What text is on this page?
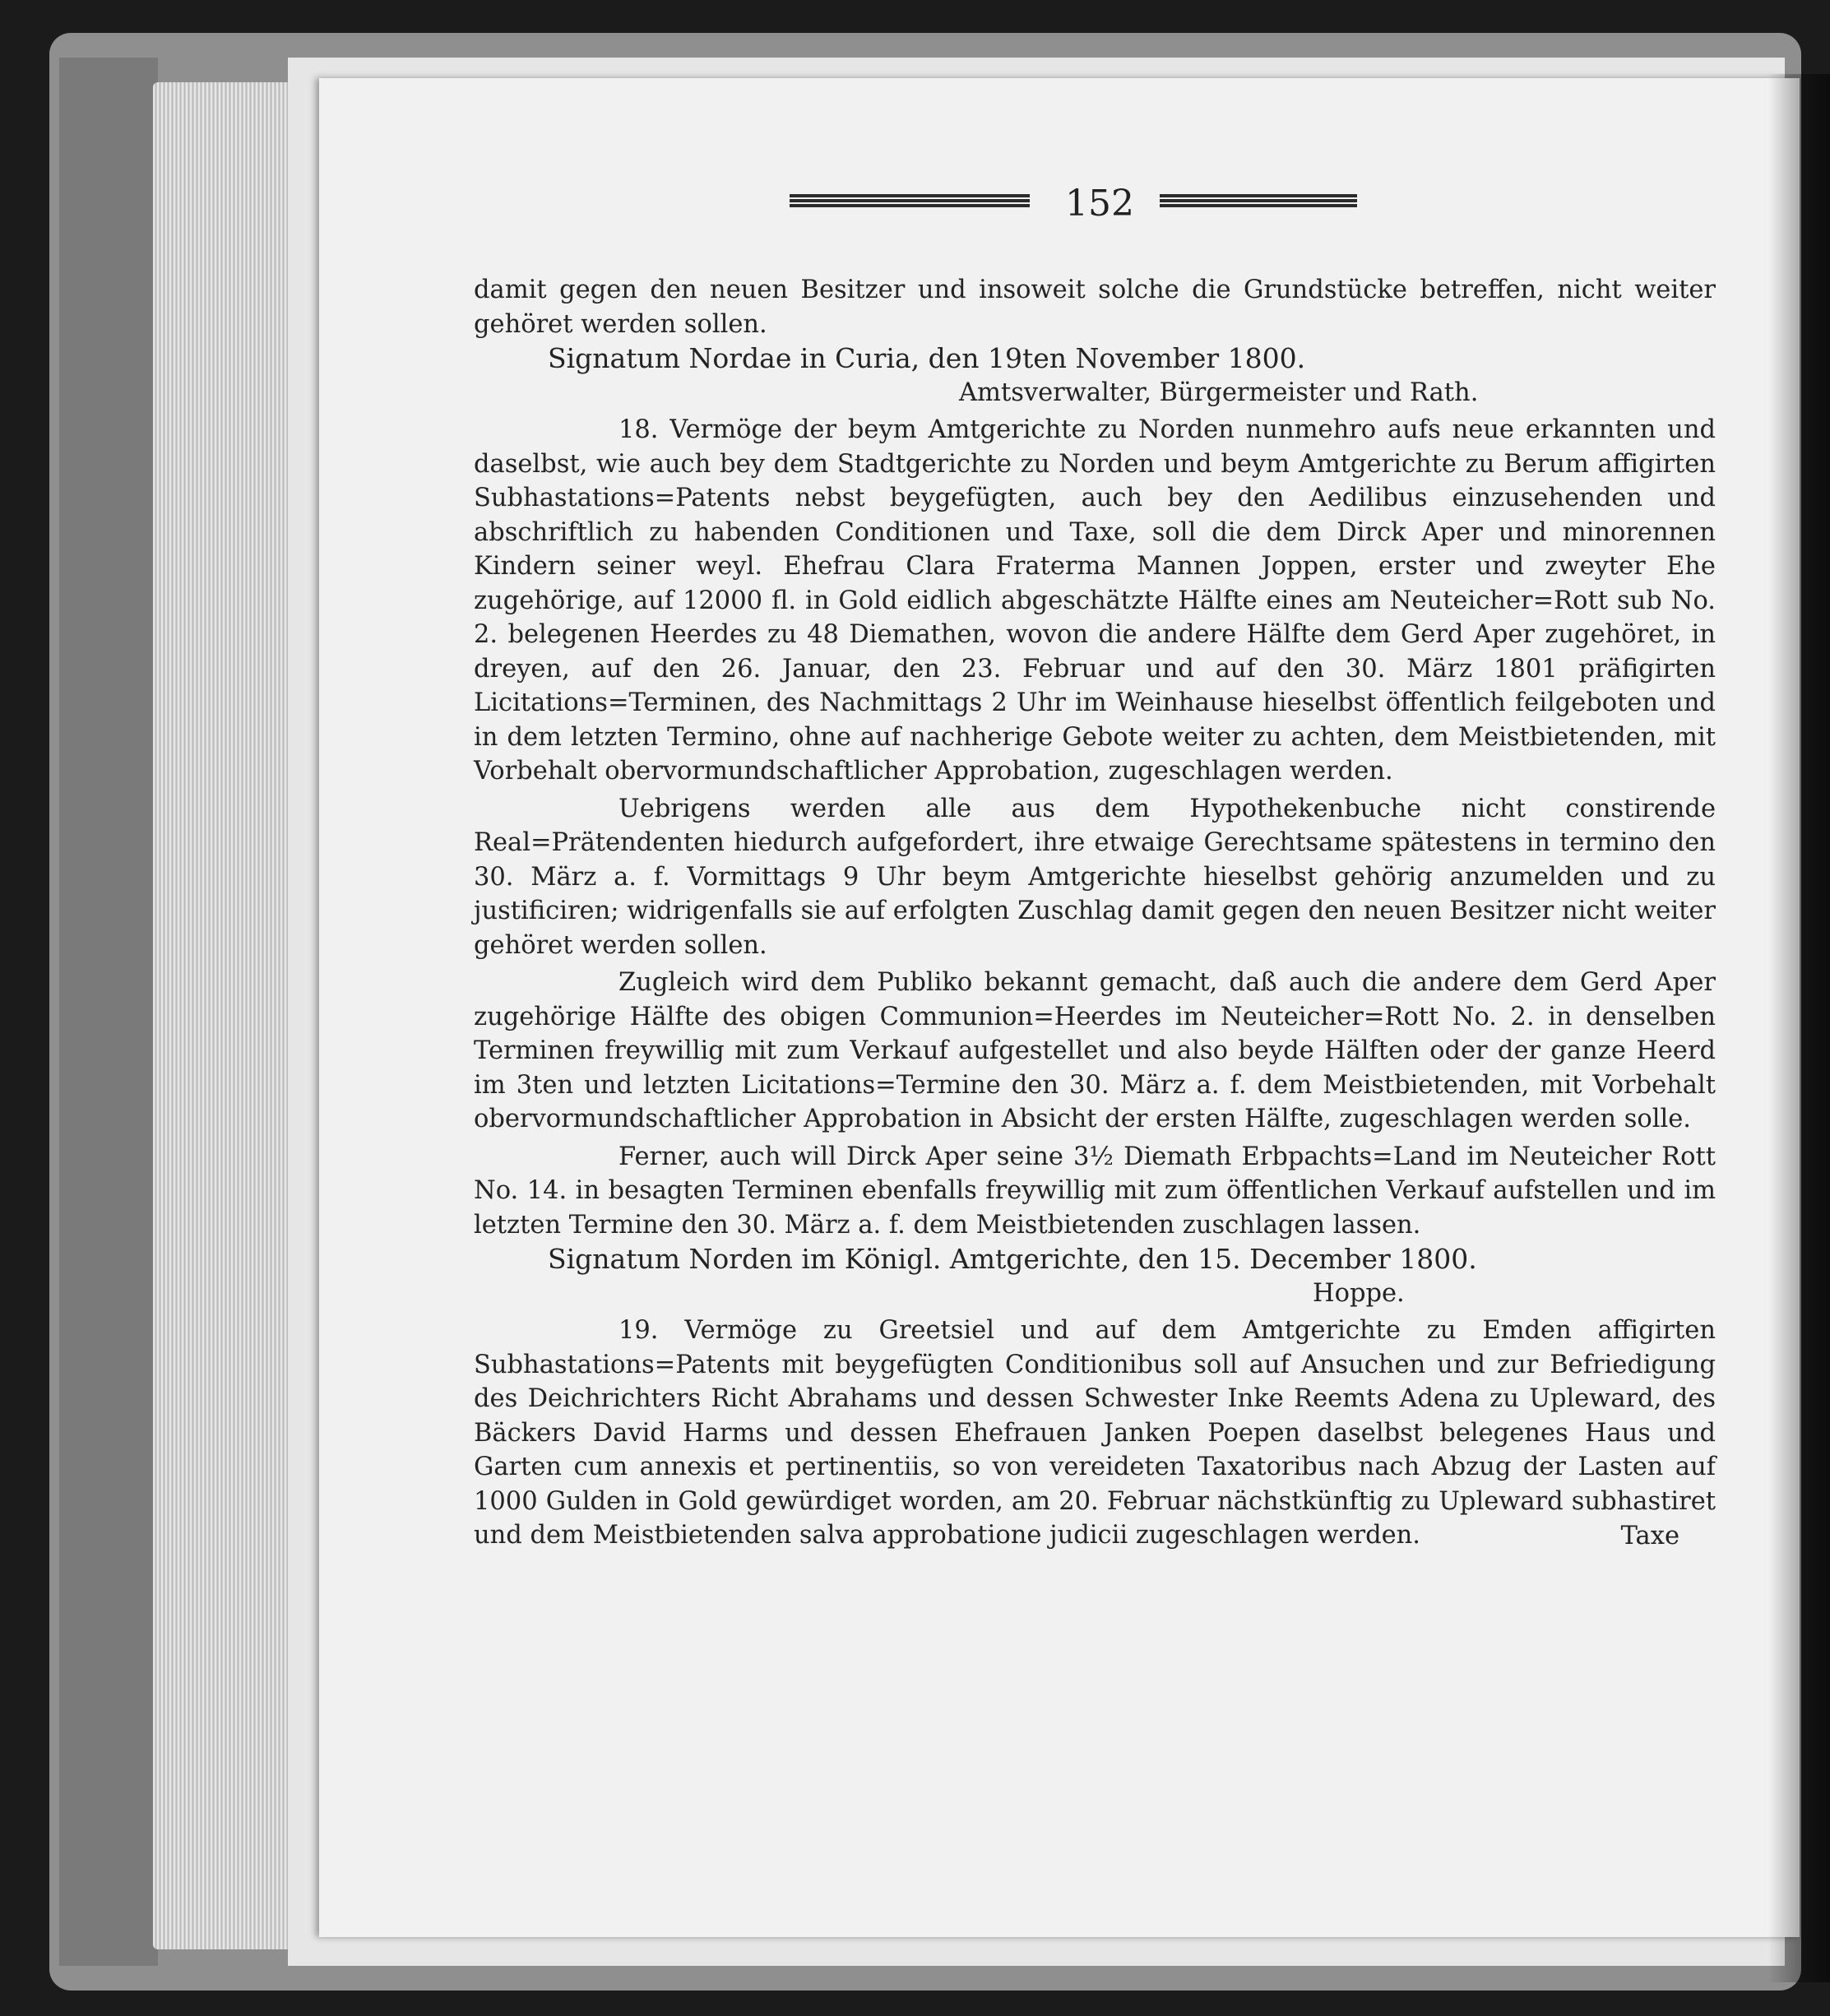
152

damit gegen den neuen Besitzer und insoweit solche die Grundstücke betreffen, nicht weiter gehöret werden sollen.

Signatum Nordae in Curia, den 19ten November 1800.

Amtsverwalter, Bürgermeister und Rath.

18. Vermöge der beym Amtgerichte zu Norden nunmehro aufs neue erkannten und daselbst, wie auch bey dem Stadtgerichte zu Norden und beym Amtgerichte zu Berum affigirten Subhastations=Patents nebst beygefügten, auch bey den Aedilibus einzusehenden und abschriftlich zu habenden Conditionen und Taxe, soll die dem Dirck Aper und minorennen Kindern seiner weyl. Ehefrau Clara Fraterma Mannen Joppen, erster und zweyter Ehe zugehörige, auf 12000 fl. in Gold eidlich abgeschätzte Hälfte eines am Neuteicher=Rott sub No. 2. belegenen Heerdes zu 48 Diemathen, wovon die andere Hälfte dem Gerd Aper zugehöret, in dreyen, auf den 26. Januar, den 23. Februar und auf den 30. März 1801 präfigirten Licitations=Terminen, des Nachmittags 2 Uhr im Weinhause hieselbst öffentlich feilgeboten und in dem letzten Termino, ohne auf nachherige Gebote weiter zu achten, dem Meistbietenden, mit Vorbehalt obervormundschaftlicher Approbation, zugeschlagen werden.

Uebrigens werden alle aus dem Hypothekenbuche nicht constirende Real=Prätendenten hiedurch aufgefordert, ihre etwaige Gerechtsame spätestens in termino den 30. März a. f. Vormittags 9 Uhr beym Amtgerichte hieselbst gehörig anzumelden und zu justificiren; widrigenfalls sie auf erfolgten Zuschlag damit gegen den neuen Besitzer nicht weiter gehöret werden sollen.

Zugleich wird dem Publiko bekannt gemacht, daß auch die andere dem Gerd Aper zugehörige Hälfte des obigen Communion=Heerdes im Neuteicher=Rott No. 2. in denselben Terminen freywillig mit zum Verkauf aufgestellet und also beyde Hälften oder der ganze Heerd im 3ten und letzten Licitations=Termine den 30. März a. f. dem Meistbietenden, mit Vorbehalt obervormundschaftlicher Approbation in Absicht der ersten Hälfte, zugeschlagen werden solle.

Ferner, auch will Dirck Aper seine 3½ Diemath Erbpachts=Land im Neuteicher Rott No. 14. in besagten Terminen ebenfalls freywillig mit zum öffentlichen Verkauf aufstellen und im letzten Termine den 30. März a. f. dem Meistbietenden zuschlagen lassen.

Signatum Norden im Königl. Amtgerichte, den 15. December 1800.

Hoppe.

19. Vermöge zu Greetsiel und auf dem Amtgerichte zu Emden affigirten Subhastations=Patents mit beygefügten Conditionibus soll auf Ansuchen und zur Befriedigung des Deichrichters Richt Abrahams und dessen Schwester Inke Reemts Adena zu Upleward, des Bäckers David Harms und dessen Ehefrauen Janken Poepen daselbst belegenes Haus und Garten cum annexis et pertinentiis, so von vereideten Taxatoribus nach Abzug der Lasten auf 1000 Gulden in Gold gewürdiget worden, am 20. Februar nächstkünftig zu Upleward subhastiret und dem Meistbietenden salva approbatione judicii zugeschlagen werden.	Taxe
